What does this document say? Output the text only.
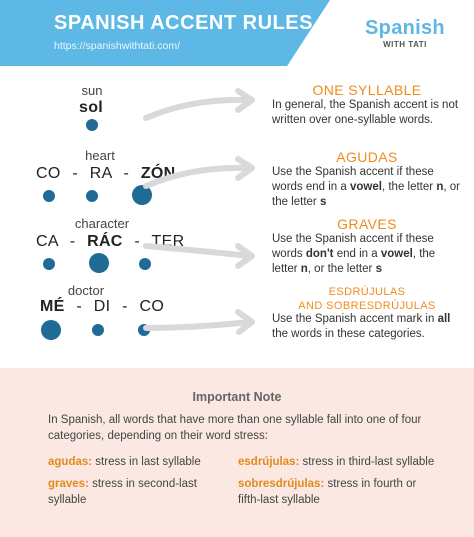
SPANISH ACCENT RULES
https://spanishwithtati.com/
Spanish
WITH TATI
sun
sol
ONE SYLLABLE
In general, the Spanish accent is not written over one-syllable words.
heart
CO - RA - ZÓN
AGUDAS
Use the Spanish accent if these words end in a vowel, the letter n, or the letter s
character
CA - RÁC - TER
GRAVES
Use the Spanish accent if these words don't end in a vowel, the letter n, or the letter s
doctor
MÉ - DI - CO
ESDRÚJULAS
AND SOBRESDRÚJULAS
Use the Spanish accent mark in all the words in these categories.
Important Note
In Spanish, all words that have more than one syllable fall into one of four categories, depending on their word stress:
agudas: stress in last syllable
graves: stress in second-last syllable
esdrújulas: stress in third-last syllable
sobresdrújulas: stress in fourth or fifth-last syllable
